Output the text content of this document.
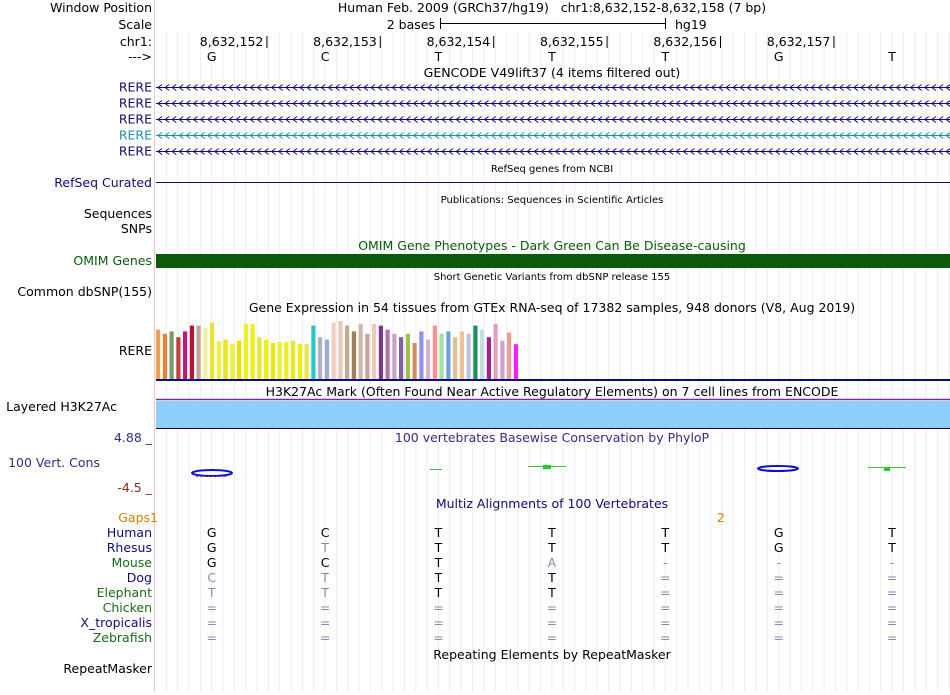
Window Position	Human Feb. 2009 (GRCh37/hg19)   chr1:8,632,152-8,632,158 (7 bp)
Scale	2 bases	hg19
chr1:	8,632,152	8,632,153	8,632,154	8,632,155	8,632,156	8,632,157
--->	G	C	T	T	T	G	T
GENCODE V49lift37 (4 items filtered out)
RERE
RERE
RERE
RERE
RERE
RefSeq genes from NCBI
RefSeq Curated
Publications: Sequences in Scientific Articles
Sequences
SNPs
OMIM Gene Phenotypes - Dark Green Can Be Disease-causing
OMIM Genes
Short Genetic Variants from dbSNP release 155
Common dbSNP(155)
Gene Expression in 54 tissues from GTEx RNA-seq of 17382 samples, 948 donors (V8, Aug 2019)
RERE
H3K27Ac Mark (Often Found Near Active Regulatory Elements) on 7 cell lines from ENCODE
Layered H3K27Ac
4.88 _	100 vertebrates Basewise Conservation by PhyloP
100 Vert. Cons
-4.5 _
Multiz Alignments of 100 Vertebrates
Gaps1	2
Human	G	C	T	T	T	G	T
Rhesus	G	T	T	T	T	G	T
Mouse	G	C	T	A	-	-	-
Dog	C	T	T	T	=	=	=
Elephant	T	T	T	T	=	=	=
Chicken	=	=	=	=	=	=	=
X_tropicalis	=	=	=	=	=	=	=
Zebrafish	=	=	=	=	=	=	=
Repeating Elements by RepeatMasker
RepeatMasker
